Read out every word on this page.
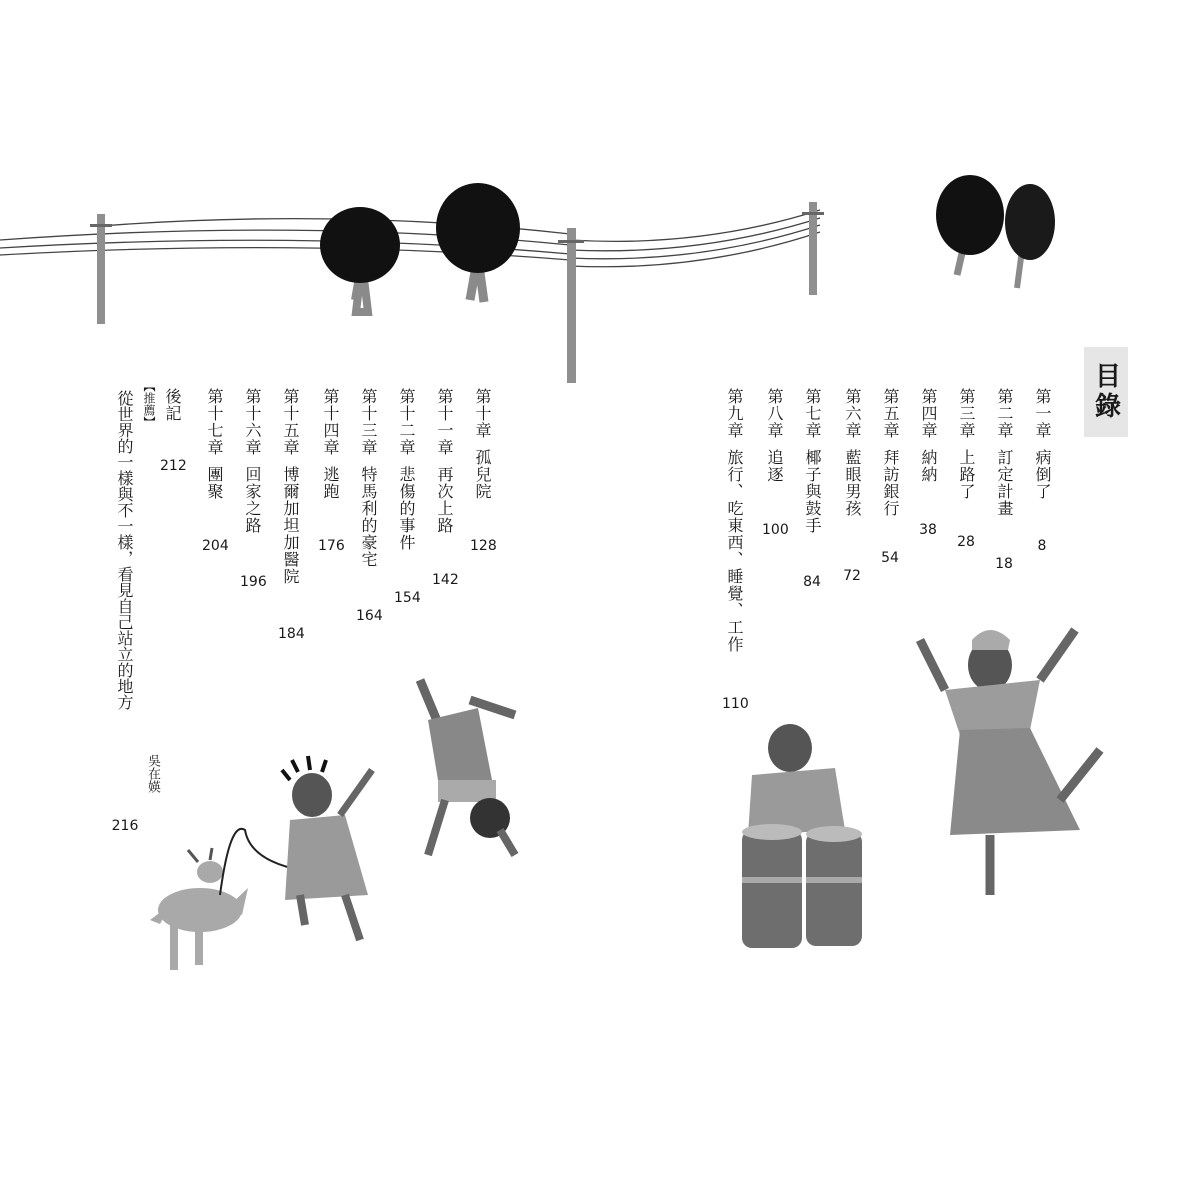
目錄
第一章病倒了
8
第二章訂定計畫
18
第三章上路了
28
第四章納納
38
第五章拜訪銀行
54
第六章藍眼男孩
72
第七章椰子與鼓手
84
第八章追逐
100
第九章旅行、吃東西、睡覺、工作
110
第十章孤兒院
128
第十一章再次上路
142
第十二章悲傷的事件
154
第十三章特馬利的豪宅
164
第十四章逃跑
176
第十五章博爾加坦加醫院
184
第十六章回家之路
196
第十七章團聚
204
後記
212
【推薦】
從世界的一樣與不一樣，看見自己站立的地方
吳在媖
216
